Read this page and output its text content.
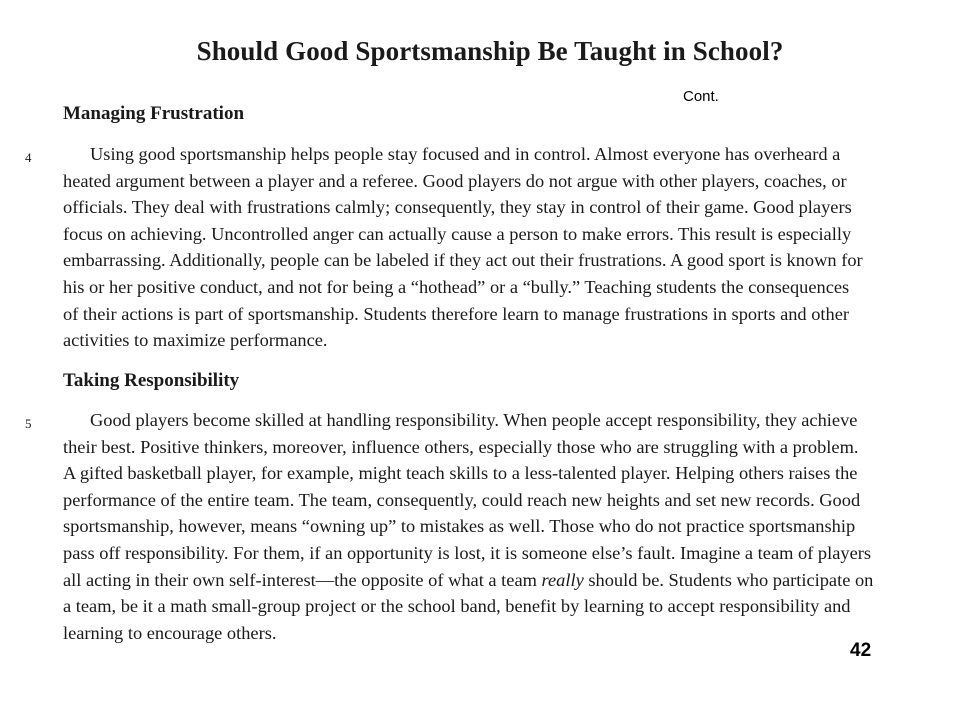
Should Good Sportsmanship Be Taught in School?
Cont.
Managing Frustration
4	Using good sportsmanship helps people stay focused and in control. Almost everyone has overheard a
heated argument between a player and a referee. Good players do not argue with other players, coaches, or
officials. They deal with frustrations calmly; consequently, they stay in control of their game. Good players
focus on achieving. Uncontrolled anger can actually cause a person to make errors. This result is especially
embarrassing. Additionally, people can be labeled if they act out their frustrations. A good sport is known for
his or her positive conduct, and not for being a “hothead” or a “bully.” Teaching students the consequences
of their actions is part of sportsmanship. Students therefore learn to manage frustrations in sports and other
activities to maximize performance.

Taking Responsibility
5	Good players become skilled at handling responsibility. When people accept responsibility, they achieve
their best. Positive thinkers, moreover, influence others, especially those who are struggling with a problem.
A gifted basketball player, for example, might teach skills to a less-talented player. Helping others raises the
performance of the entire team. The team, consequently, could reach new heights and set new records. Good
sportsmanship, however, means “owning up” to mistakes as well. Those who do not practice sportsmanship
pass off responsibility. For them, if an opportunity is lost, it is someone else’s fault. Imagine a team of players
all acting in their own self-interest—the opposite of what a team really should be. Students who participate on
a team, be it a math small-group project or the school band, benefit by learning to accept responsibility and
learning to encourage others.

42
